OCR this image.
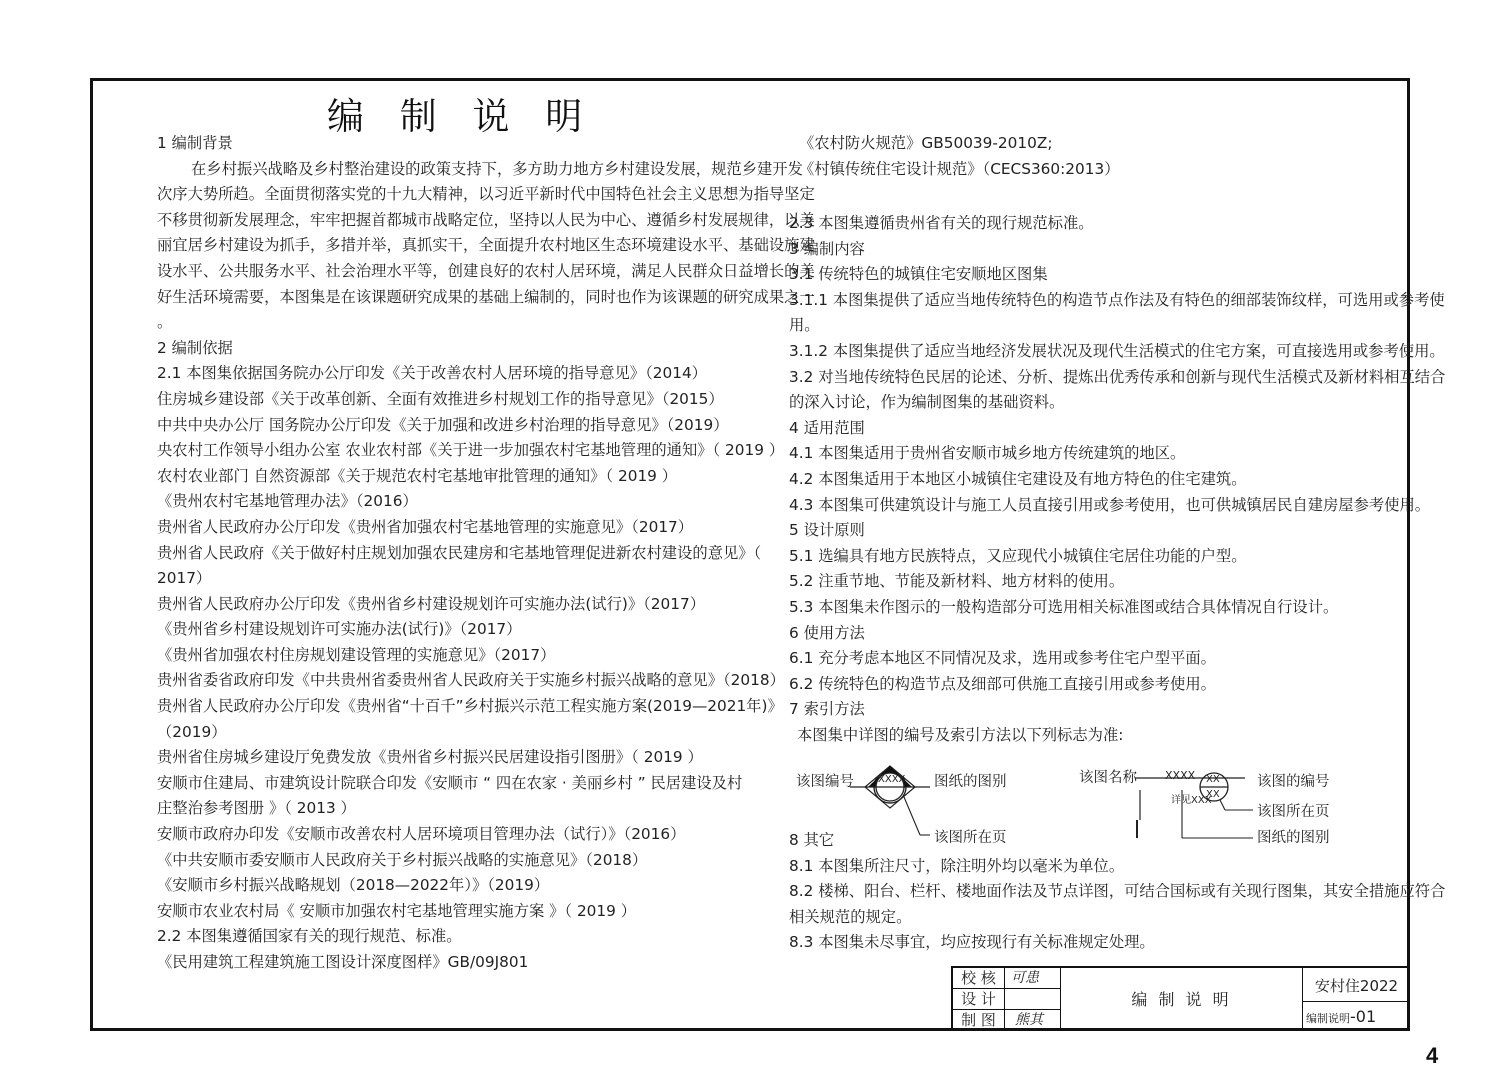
编 制 说 明
1 编制背景
在乡村振兴战略及乡村整治建设的政策支持下，多方助力地方乡村建设发展，规范乡建开发
次序大势所趋。全面贯彻落实党的十九大精神，以习近平新时代中国特色社会主义思想为指导坚定
不移贯彻新发展理念，牢牢把握首都城市战略定位，坚持以人民为中心、遵循乡村发展规律，以美
丽宜居乡村建设为抓手，多措并举，真抓实干，全面提升农村地区生态环境建设水平、基础设施建
设水平、公共服务水平、社会治理水平等，创建良好的农村人居环境，满足人民群众日益增长的美
好生活环境需要，本图集是在该课题研究成果的基础上编制的，同时也作为该课题的研究成果之一
。
2 编制依据
2.1 本图集依据国务院办公厅印发《关于改善农村人居环境的指导意见》（2014）
住房城乡建设部《关于改革创新、全面有效推进乡村规划工作的指导意见》（2015）
中共中央办公厅 国务院办公厅印发《关于加强和改进乡村治理的指导意见》（2019）
央农村工作领导小组办公室 农业农村部《关于进一步加强农村宅基地管理的通知》（ 2019 ）
农村农业部门 自然资源部《关于规范农村宅基地审批管理的通知》（ 2019 ）
《贵州农村宅基地管理办法》（2016）
贵州省人民政府办公厅印发《贵州省加强农村宅基地管理的实施意见》（2017）
贵州省人民政府《关于做好村庄规划加强农民建房和宅基地管理促进新农村建设的意见》（
2017）
贵州省人民政府办公厅印发《贵州省乡村建设规划许可实施办法(试行)》（2017）
《贵州省乡村建设规划许可实施办法(试行)》（2017）
《贵州省加强农村住房规划建设管理的实施意见》（2017）
贵州省委省政府印发《中共贵州省委贵州省人民政府关于实施乡村振兴战略的意见》（2018）
贵州省人民政府办公厅印发《贵州省“十百千”乡村振兴示范工程实施方案(2019—2021年)》
（2019）
贵州省住房城乡建设厅免费发放《贵州省乡村振兴民居建设指引图册》（ 2019 ）
安顺市住建局、市建筑设计院联合印发《安顺市 “ 四在农家 · 美丽乡村 ” 民居建设及村
庄整治参考图册 》（ 2013 ）
安顺市政府办印发《安顺市改善农村人居环境项目管理办法（试行）》（2016）
《中共安顺市委安顺市人民政府关于乡村振兴战略的实施意见》（2018）
《安顺市乡村振兴战略规划（2018—2022年）》（2019）
安顺市农业农村局《 安顺市加强农村宅基地管理实施方案 》（ 2019 ）
2.2 本图集遵循国家有关的现行规范、标准。
《民用建筑工程建筑施工图设计深度图样》GB/09J801
《农村防火规范》GB50039-2010Z;
《村镇传统住宅设计规范》（CECS360:2013）
2.3 本图集遵循贵州省有关的现行规范标准。
3 编制内容
3.1 传统特色的城镇住宅安顺地区图集
3.1.1 本图集提供了适应当地传统特色的构造节点作法及有特色的细部装饰纹样，可选用或参考使
用。
3.1.2 本图集提供了适应当地经济发展状况及现代生活模式的住宅方案，可直接选用或参考使用。
3.2 对当地传统特色民居的论述、分析、提炼出优秀传承和创新与现代生活模式及新材料相互结合
的深入讨论，作为编制图集的基础资料。
4 适用范围
4.1 本图集适用于贵州省安顺市城乡地方传统建筑的地区。
4.2 本图集适用于本地区小城镇住宅建设及有地方特色的住宅建筑。
4.3 本图集可供建筑设计与施工人员直接引用或参考使用，也可供城镇居民自建房屋参考使用。
5 设计原则
5.1 选编具有地方民族特点，又应现代小城镇住宅居住功能的户型。
5.2 注重节地、节能及新材料、地方材料的使用。
5.3 本图集未作图示的一般构造部分可选用相关标准图或结合具体情况自行设计。
6 使用方法
6.1 充分考虑本地区不同情况及求，选用或参考住宅户型平面。
6.2 传统特色的构造节点及细部可供施工直接引用或参考使用。
7 索引方法
本图集中详图的编号及索引方法以下列标志为准:
该图编号 XXXX 图纸的图别
该图所在页
该图名称	XXXX
详见XXX
XX
XX
该图的编号
该图所在页
图纸的图别
8 其它
8.1 本图集所注尺寸，除注明外均以毫米为单位。
8.2 楼梯、阳台、栏杆、楼地面作法及节点详图，可结合国标或有关现行图集，其安全措施应符合
相关规范的规定。
8.3 本图集未尽事宜，均应按现行有关标准规定处理。
校 核
设 计
制 图
可患
熊其
编 制 说 明
安村住2022
编制说明-01
4
